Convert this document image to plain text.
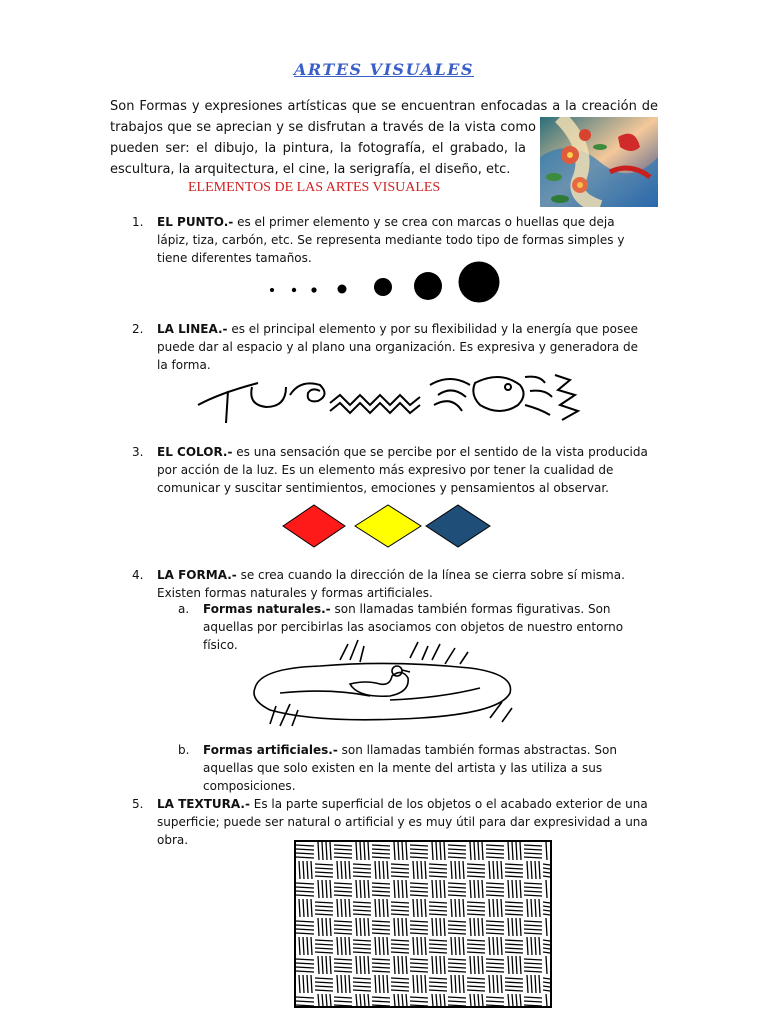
ARTES VISUALES
Son Formas y expresiones artísticas que se encuentran enfocadas a la creación de
trabajos que se aprecian y se disfrutan a través de la vista como
pueden ser: el dibujo, la pintura, la fotografía, el grabado, la
escultura, la arquitectura, el cine, la serigrafía, el diseño, etc.
ELEMENTOS DE LAS ARTES VISUALES
1. EL PUNTO.- es el primer elemento y se crea con marcas o huellas que deja lápiz, tiza, carbón, etc. Se representa mediante todo tipo de formas simples y tiene diferentes tamaños.
2. LA LINEA.- es el principal elemento y por su flexibilidad y la energía que posee puede dar al espacio y al plano una organización. Es expresiva y generadora de la forma.
3. EL COLOR.- es una sensación que se percibe por el sentido de la vista producida por acción de la luz. Es un elemento más expresivo por tener la cualidad de comunicar y suscitar sentimientos, emociones y pensamientos al observar.
4. LA FORMA.- se crea cuando la dirección de la línea se cierra sobre sí misma. Existen formas naturales y formas artificiales.
a. Formas naturales.- son llamadas también formas figurativas. Son aquellas por percibirlas las asociamos con objetos de nuestro entorno físico.
b. Formas artificiales.- son llamadas también formas abstractas. Son aquellas que solo existen en la mente del artista y las utiliza a sus composiciones.
5. LA TEXTURA.- Es la parte superficial de los objetos o el acabado exterior de una superficie; puede ser natural o artificial y es muy útil para dar expresividad a una obra.
